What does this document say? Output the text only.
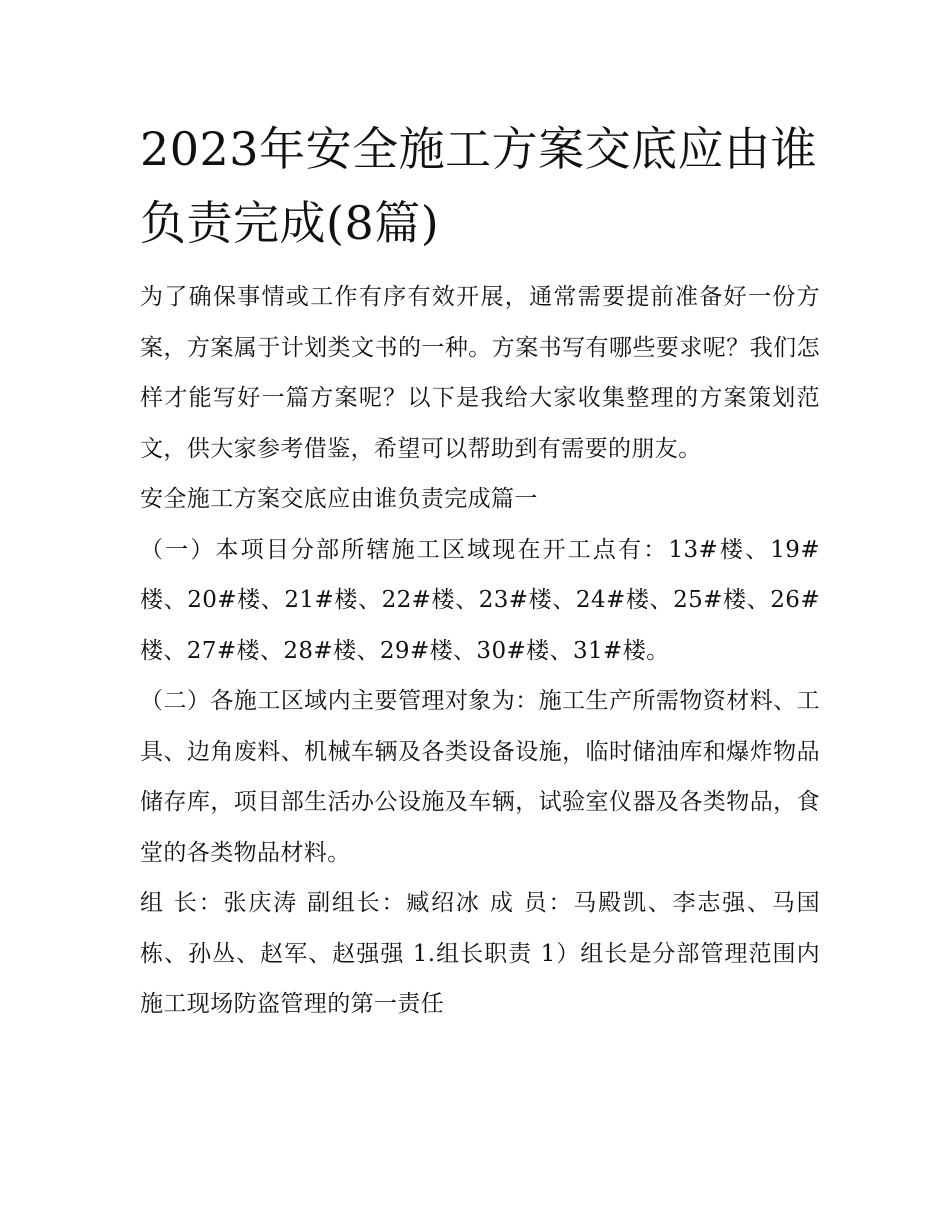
2023年安全施工方案交底应由谁负责完成(8篇)

为了确保事情或工作有序有效开展，通常需要提前准备好一份方案，方案属于计划类文书的一种。方案书写有哪些要求呢？我们怎样才能写好一篇方案呢？以下是我给大家收集整理的方案策划范文，供大家参考借鉴，希望可以帮助到有需要的朋友。

安全施工方案交底应由谁负责完成篇一

（一）本项目分部所辖施工区域现在开工点有：13#楼、19#楼、20#楼、21#楼、22#楼、23#楼、24#楼、25#楼、26#楼、27#楼、28#楼、29#楼、30#楼、31#楼。

（二）各施工区域内主要管理对象为：施工生产所需物资材料、工具、边角废料、机械车辆及各类设备设施，临时储油库和爆炸物品储存库，项目部生活办公设施及车辆，试验室仪器及各类物品，食堂的各类物品材料。

组 长：张庆涛 副组长：臧绍冰 成 员：马殿凯、李志强、马国栋、孙丛、赵军、赵强强 1.组长职责 1）组长是分部管理范围内施工现场防盗管理的第一责任
